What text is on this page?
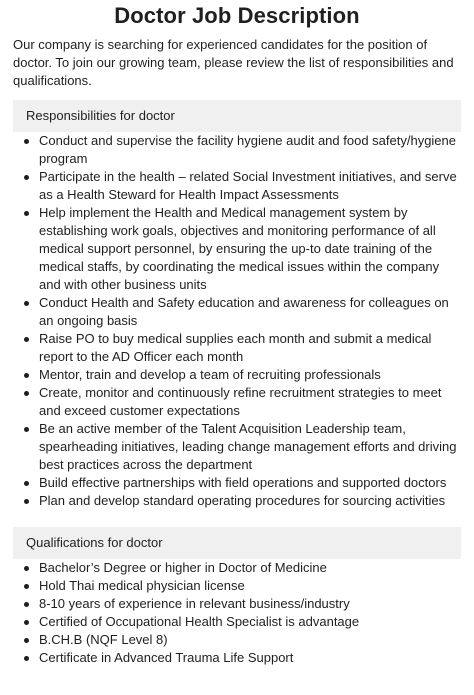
Doctor Job Description

Our company is searching for experienced candidates for the position of doctor. To join our growing team, please review the list of responsibilities and qualifications.

Responsibilities for doctor
Conduct and supervise the facility hygiene audit and food safety/hygiene program
Participate in the health – related Social Investment initiatives, and serve as a Health Steward for Health Impact Assessments
Help implement the Health and Medical management system by establishing work goals, objectives and monitoring performance of all medical support personnel, by ensuring the up-to date training of the medical staffs, by coordinating the medical issues within the company and with other business units
Conduct Health and Safety education and awareness for colleagues on an ongoing basis
Raise PO to buy medical supplies each month and submit a medical report to the AD Officer each month
Mentor, train and develop a team of recruiting professionals
Create, monitor and continuously refine recruitment strategies to meet and exceed customer expectations
Be an active member of the Talent Acquisition Leadership team, spearheading initiatives, leading change management efforts and driving best practices across the department
Build effective partnerships with field operations and supported doctors
Plan and develop standard operating procedures for sourcing activities
Qualifications for doctor
Bachelor’s Degree or higher in Doctor of Medicine
Hold Thai medical physician license
8-10 years of experience in relevant business/industry
Certified of Occupational Health Specialist is advantage
B.CH.B (NQF Level 8)
Certificate in Advanced Trauma Life Support
